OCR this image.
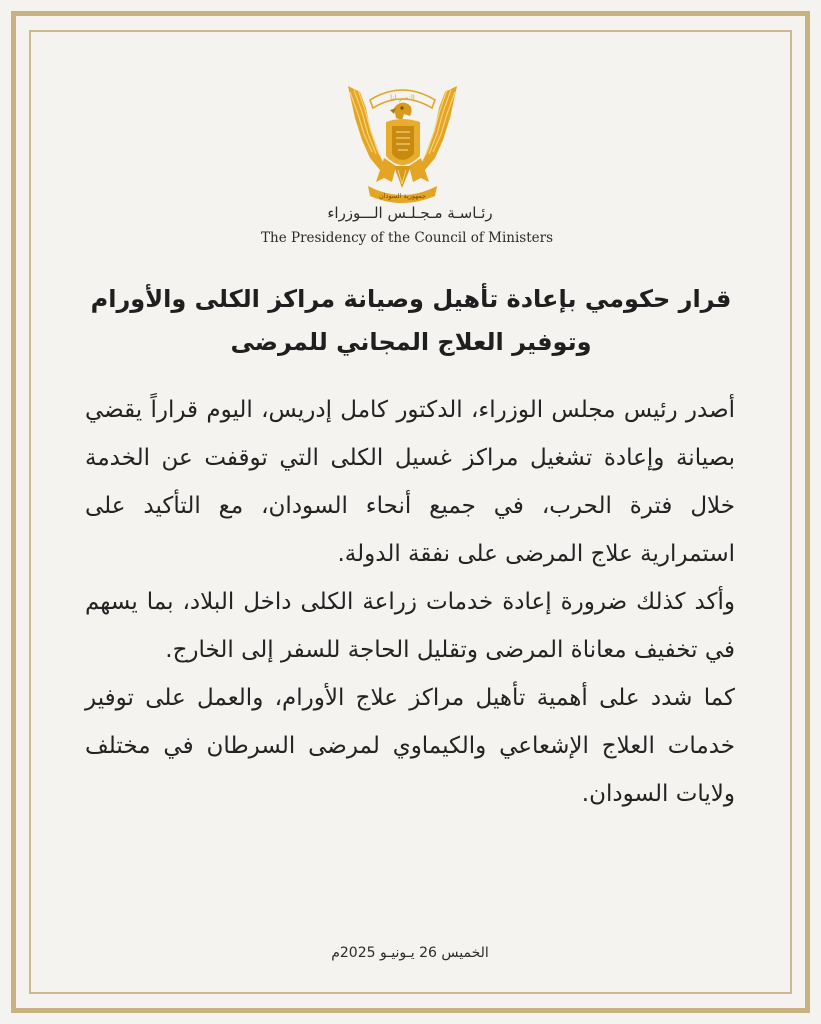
النصر لنا
جمهورية السودان
رئـاسـة مـجـلـس الـــوزراء
The Presidency of the Council of Ministers
قرار حكومي بإعادة تأهيل وصيانة مراكز الكلى والأورام
وتوفير العلاج المجاني للمرضى

أصدر رئيس مجلس الوزراء، الدكتور كامل إدريس، اليوم قراراً يقضي بصيانة وإعادة تشغيل مراكز غسيل الكلى التي توقفت عن الخدمة خلال فترة الحرب، في جميع أنحاء السودان، مع التأكيد على استمرارية علاج المرضى على نفقة الدولة.

وأكد كذلك ضرورة إعادة خدمات زراعة الكلى داخل البلاد، بما يسهم في تخفيف معاناة المرضى وتقليل الحاجة للسفر إلى الخارج.

كما شدد على أهمية تأهيل مراكز علاج الأورام، والعمل على توفير خدمات العلاج الإشعاعي والكيماوي لمرضى السرطان في مختلف ولايات السودان.

الخميس 26 يـونيـو 2025م
